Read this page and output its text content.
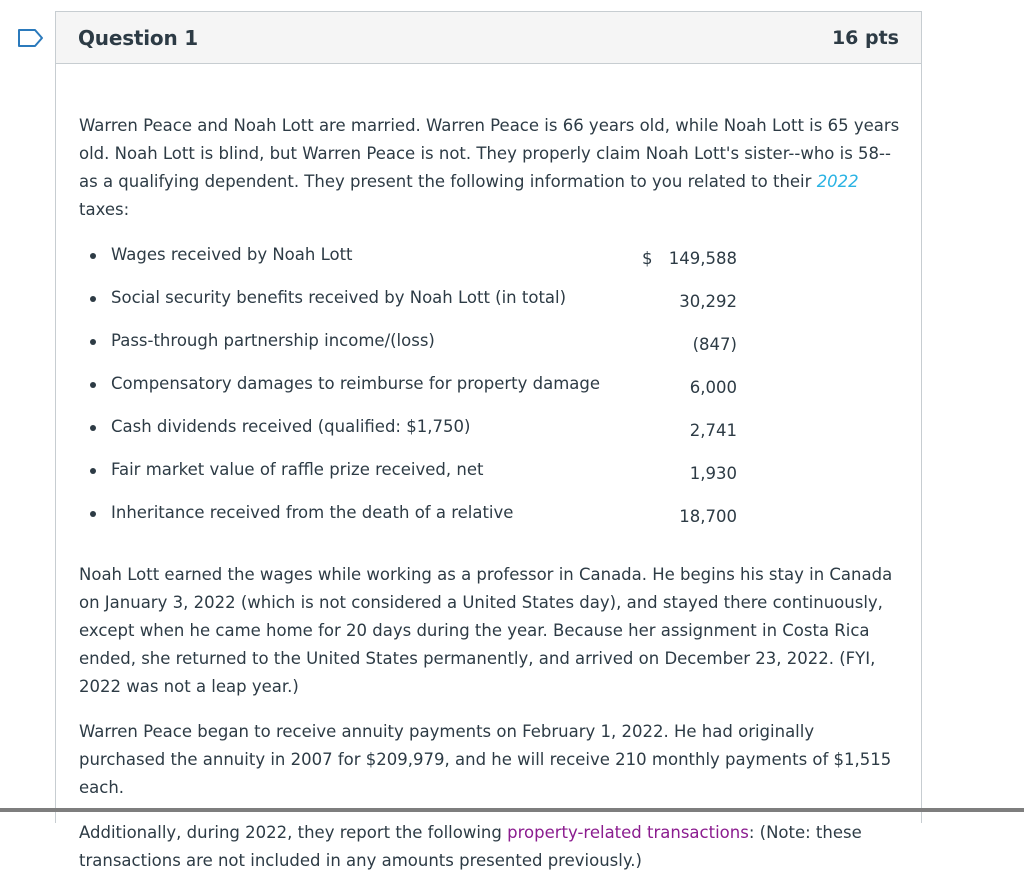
Question 1	16 pts

Warren Peace and Noah Lott are married. Warren Peace is 66 years old, while Noah Lott is 65 years old. Noah Lott is blind, but Warren Peace is not. They properly claim Noah Lott's sister--who is 58--as a qualifying dependent. They present the following information to you related to their 2022 taxes:

Wages received by Noah Lott	$ 149,588
Social security benefits received by Noah Lott (in total)	30,292
Pass-through partnership income/(loss)	(847)
Compensatory damages to reimburse for property damage	6,000
Cash dividends received (qualified: $1,750)	2,741
Fair market value of raffle prize received, net	1,930
Inheritance received from the death of a relative	18,700

Noah Lott earned the wages while working as a professor in Canada. He begins his stay in Canada on January 3, 2022 (which is not considered a United States day), and stayed there continuously, except when he came home for 20 days during the year. Because her assignment in Costa Rica ended, she returned to the United States permanently, and arrived on December 23, 2022. (FYI, 2022 was not a leap year.)

Warren Peace began to receive annuity payments on February 1, 2022. He had originally purchased the annuity in 2007 for $209,979, and he will receive 210 monthly payments of $1,515 each.

Additionally, during 2022, they report the following property-related transactions: (Note: these transactions are not included in any amounts presented previously.)
